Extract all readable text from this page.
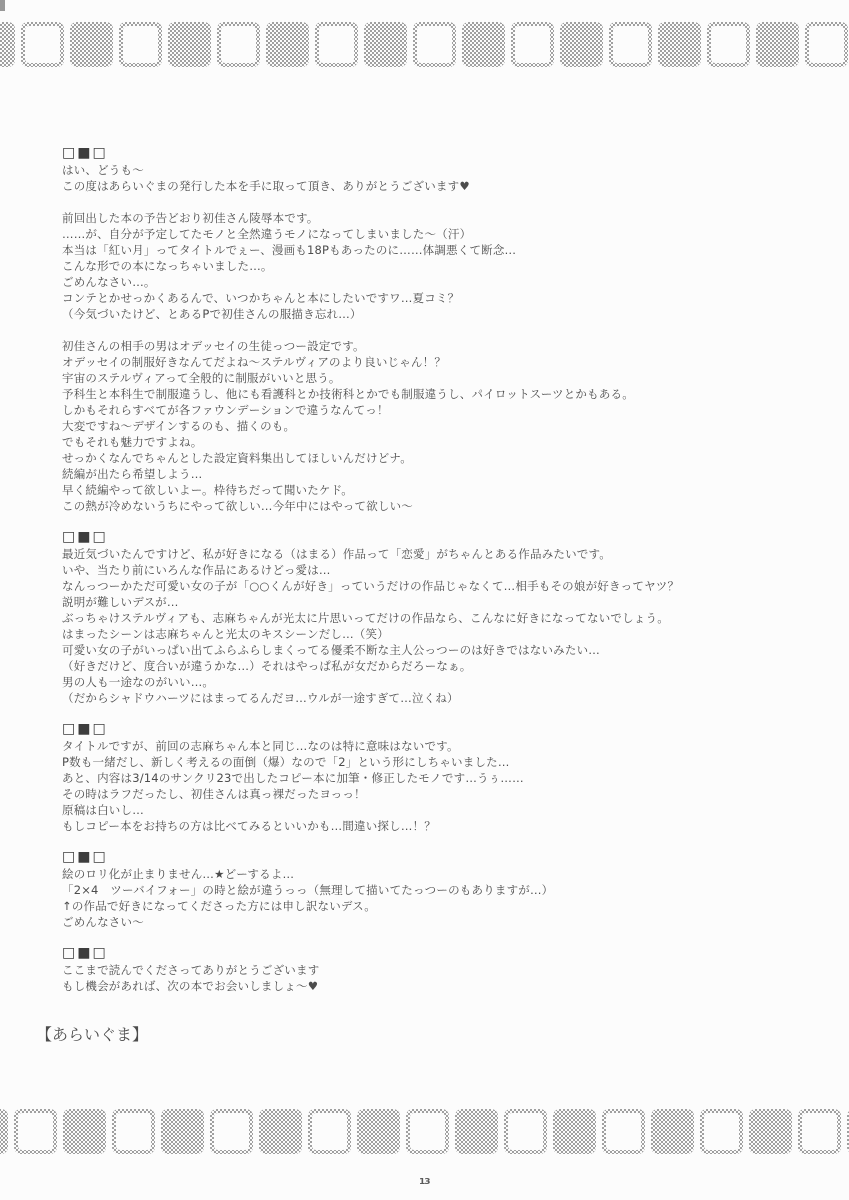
□■□
はい、どうも～
この度はあらいぐまの発行した本を手に取って頂き、ありがとうございます♥
前回出した本の予告どおり初佳さん陵辱本です。
……が、自分が予定してたモノと全然違うモノになってしまいました～（汗）
本当は「紅い月」ってタイトルでぇー、漫画も18Pもあったのに……体調悪くて断念…
こんな形での本になっちゃいました…。
ごめんなさい…。
コンテとかせっかくあるんで、いつかちゃんと本にしたいですワ…夏コミ？
（今気づいたけど、とあるPで初佳さんの服描き忘れ…）
初佳さんの相手の男はオデッセイの生徒っつー設定です。
オデッセイの制服好きなんてだよね～ステルヴィアのより良いじゃん！？
宇宙のステルヴィアって全般的に制服がいいと思う。
予科生と本科生で制服違うし、他にも看護科とか技術科とかでも制服違うし、パイロットスーツとかもある。
しかもそれらすべてが各ファウンデーションで違うなんてっ！
大変ですね～デザインするのも、描くのも。
でもそれも魅力ですよね。
せっかくなんでちゃんとした設定資料集出してほしいんだけどナ。
続編が出たら希望しよう…
早く続編やって欲しいよー。枠待ちだって聞いたケド。
この熱が冷めないうちにやって欲しい…今年中にはやって欲しい～
□■□
最近気づいたんですけど、私が好きになる（はまる）作品って「恋愛」がちゃんとある作品みたいです。
いや、当たり前にいろんな作品にあるけどっ愛は…
なんっつーかただ可愛い女の子が「○○くんが好き」っていうだけの作品じゃなくて…相手もその娘が好きってヤツ？
説明が難しいデスが…
ぶっちゃけステルヴィアも、志麻ちゃんが光太に片思いってだけの作品なら、こんなに好きになってないでしょう。
はまったシーンは志麻ちゃんと光太のキスシーンだし…（笑）
可愛い女の子がいっぱい出てふらふらしまくってる優柔不断な主人公っつーのは好きではないみたい…
（好きだけど、度合いが違うかな…）それはやっぱ私が女だからだろーなぁ。
男の人も一途なのがいい…。
（だからシャドウハーツにはまってるんだヨ…ウルが一途すぎて…泣くね）
□■□
タイトルですが、前回の志麻ちゃん本と同じ…なのは特に意味はないです。
P数も一緒だし、新しく考えるの面倒（爆）なので「2」という形にしちゃいました…
あと、内容は3/14のサンクリ23で出したコピー本に加筆・修正したモノです…うぅ……
その時はラフだったし、初佳さんは真っ裸だったヨっっ！
原稿は白いし…
もしコピー本をお持ちの方は比べてみるといいかも…間違い探し…！？
□■□
絵のロリ化が止まりません…★どーするよ…
「2×4　ツーバイフォー」の時と絵が違うっっ（無理して描いてたっつーのもありますが…）
↑の作品で好きになってくださった方には申し訳ないデス。
ごめんなさい～
□■□
ここまで読んでくださってありがとうございます
もし機会があれば、次の本でお会いしましょ～♥
【あらいぐま】
13
